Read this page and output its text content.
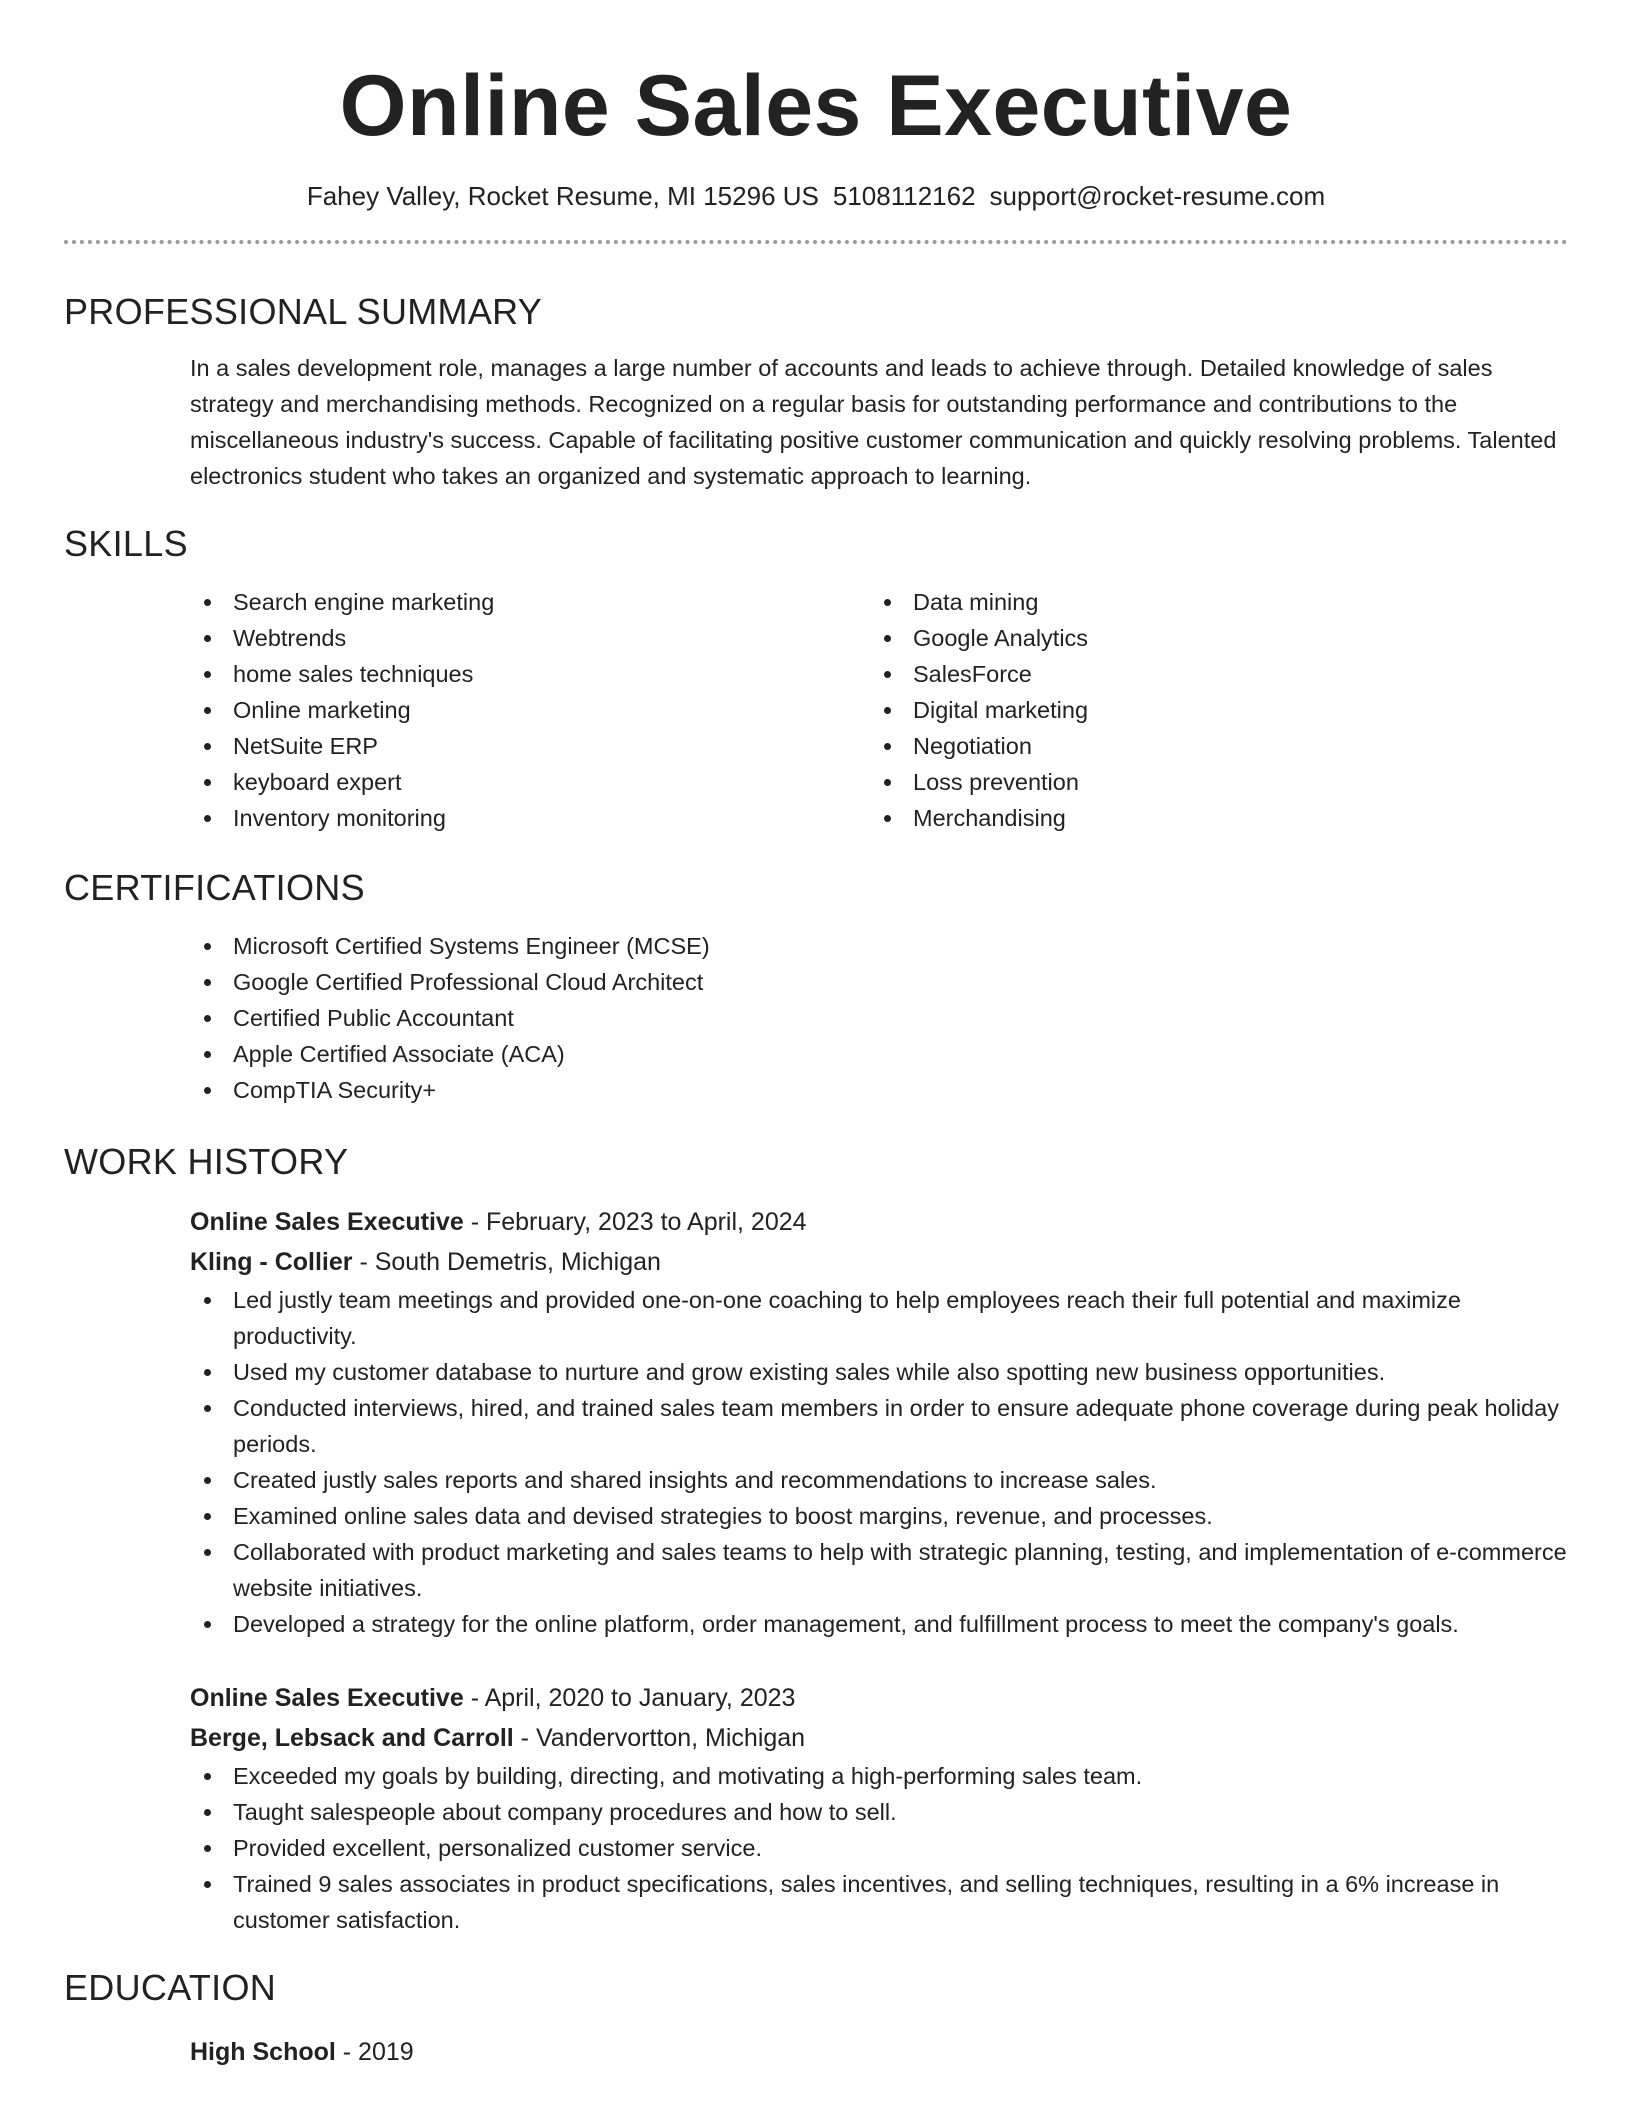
Online Sales Executive
Fahey Valley, Rocket Resume, MI 15296 US 5108112162 support@rocket-resume.com
PROFESSIONAL SUMMARY
In a sales development role, manages a large number of accounts and leads to achieve through. Detailed knowledge of sales strategy and merchandising methods. Recognized on a regular basis for outstanding performance and contributions to the miscellaneous industry's success. Capable of facilitating positive customer communication and quickly resolving problems. Talented electronics student who takes an organized and systematic approach to learning.
SKILLS
Search engine marketing
Webtrends
home sales techniques
Online marketing
NetSuite ERP
keyboard expert
Inventory monitoring
Data mining
Google Analytics
SalesForce
Digital marketing
Negotiation
Loss prevention
Merchandising
CERTIFICATIONS
Microsoft Certified Systems Engineer (MCSE)
Google Certified Professional Cloud Architect
Certified Public Accountant
Apple Certified Associate (ACA)
CompTIA Security+
WORK HISTORY
Online Sales Executive - February, 2023 to April, 2024
Kling - Collier - South Demetris, Michigan
Led justly team meetings and provided one-on-one coaching to help employees reach their full potential and maximize productivity.
Used my customer database to nurture and grow existing sales while also spotting new business opportunities.
Conducted interviews, hired, and trained sales team members in order to ensure adequate phone coverage during peak holiday periods.
Created justly sales reports and shared insights and recommendations to increase sales.
Examined online sales data and devised strategies to boost margins, revenue, and processes.
Collaborated with product marketing and sales teams to help with strategic planning, testing, and implementation of e-commerce website initiatives.
Developed a strategy for the online platform, order management, and fulfillment process to meet the company's goals.
Online Sales Executive - April, 2020 to January, 2023
Berge, Lebsack and Carroll - Vandervortton, Michigan
Exceeded my goals by building, directing, and motivating a high-performing sales team.
Taught salespeople about company procedures and how to sell.
Provided excellent, personalized customer service.
Trained 9 sales associates in product specifications, sales incentives, and selling techniques, resulting in a 6% increase in customer satisfaction.
EDUCATION
High School - 2019
